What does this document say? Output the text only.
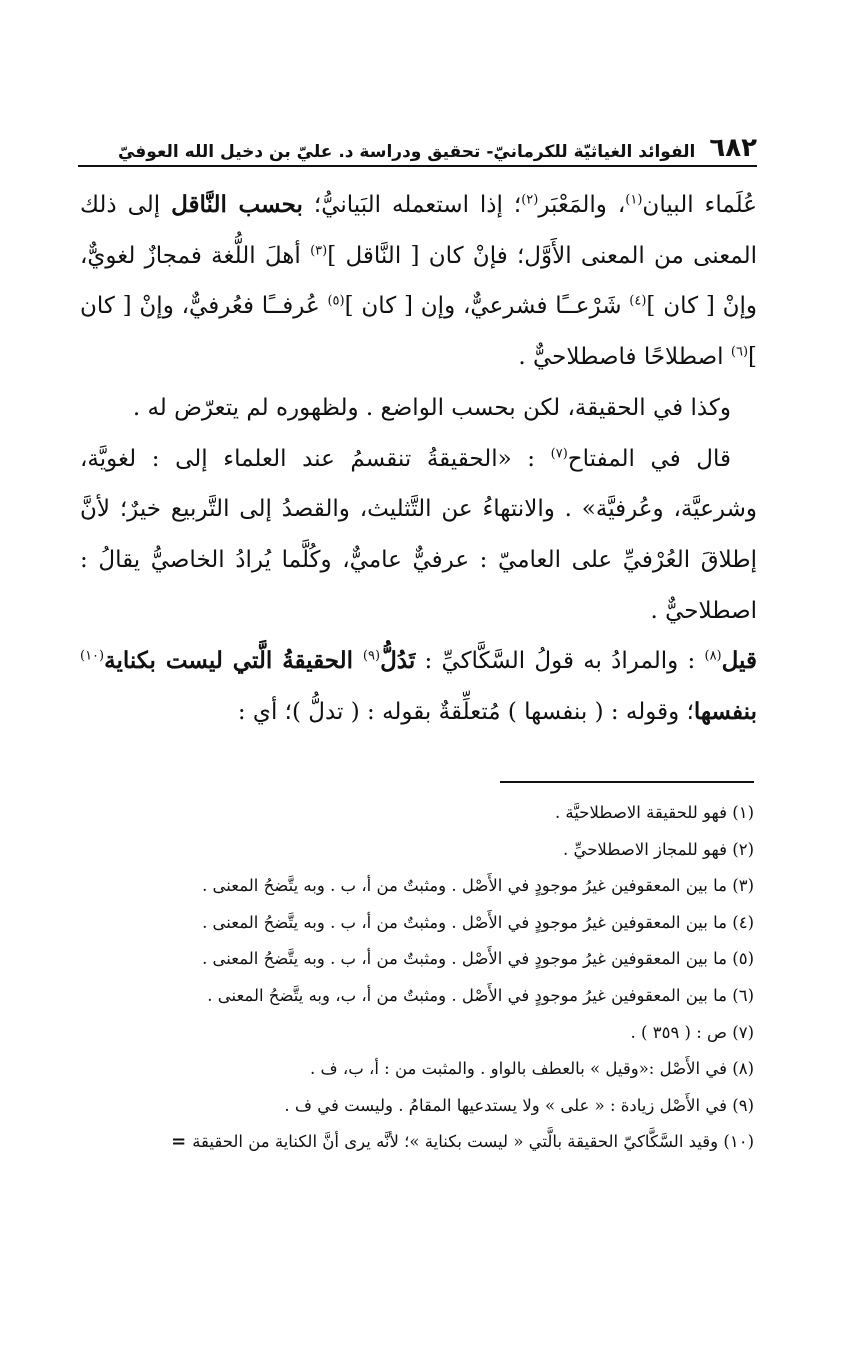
٦٨٢
الفوائد الغياثيّة للكرمانيّ- تحقيق ودراسة د. عليّ بن دخيل الله العوفيّ

عُلَماء البيان$^{(١)}$، والمَعْبَر$^{(٢)}$؛ إذا استعمله البَيانيُّ؛ بحسب النَّاقل إلى ذلك المعنى من المعنى الأَوَّل؛ فإنْ كان [ النَّاقل ]$^{(٣)}$ أهلَ اللُّغة فمجازٌ لغويٌّ، وإنْ [ كان ]$^{(٤)}$ شَرْعــًا فشرعيٌّ، وإن [ كان ]$^{(٥)}$ عُرفــًا فعُرفيٌّ، وإنْ [ كان ]$^{(٦)}$ اصطلاحًا فاصطلاحيٌّ .

وكذا في الحقيقة، لكن بحسب الواضع . ولظهوره لم يتعرّض له .

قال في المفتاح$^{(٧)}$ : «الحقيقةُ تنقسمُ عند العلماء إلى : لغويَّة، وشرعيَّة، وعُرفيَّة» . والانتهاءُ عن التَّثليث، والقصدُ إلى التَّربيع خيرٌ؛ لأنَّ إطلاقَ العُرْفيِّ على العاميّ : عرفيٌّ عاميٌّ، وكُلَّما يُرادُ الخاصيُّ يقالُ : اصطلاحيٌّ .

قيل$^{(٨)}$ : والمرادُ به قولُ السَّكَّاكيِّ : تَدُلُّ$^{(٩)}$ الحقيقةُ الَّتي ليست بكناية$^{(١٠)}$ بنفسها؛ وقوله : ( بنفسها ) مُتعلِّقةٌ بقوله : ( تدلُّ )؛ أي :

(١) فهو للحقيقة الاصطلاحيَّة .

(٢) فهو للمجاز الاصطلاحيِّ .

(٣) ما بين المعقوفين غيرُ موجودٍ في الأَصْل . ومثبتٌ من أ، ب . وبه يتَّضحُ المعنى .

(٤) ما بين المعقوفين غيرُ موجودٍ في الأَصْل . ومثبتٌ من أ، ب . وبه يتَّضحُ المعنى .

(٥) ما بين المعقوفين غيرُ موجودٍ في الأَصْل . ومثبتٌ من أ، ب . وبه يتَّضحُ المعنى .

(٦) ما بين المعقوفين غيرُ موجودٍ في الأَصْل . ومثبتٌ من أ، ب، وبه يتَّضحُ المعنى .

(٧) ص : ( ٣٥٩ ) .

(٨) في الأَصْل :«وقيل » بالعطف بالواو . والمثبت من : أ، ب، ف .

(٩) في الأَصْل زيادة : « على » ولا يستدعيها المقامُ . وليست في ف .

(١٠) وقيد السَّكَّاكيّ الحقيقة بالَّتي « ليست بكناية »؛ لأنَّه يرى أنَّ الكناية من الحقيقة=
